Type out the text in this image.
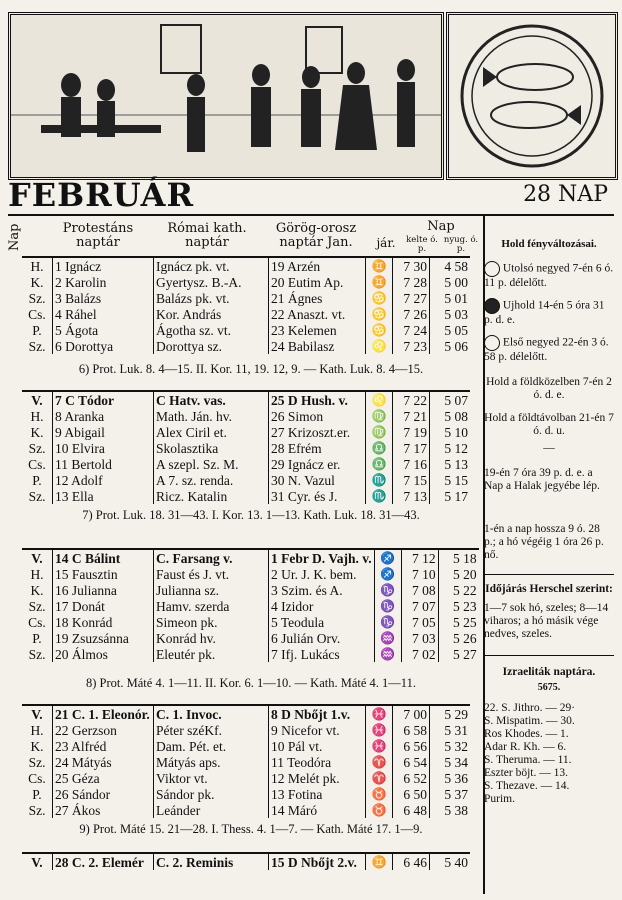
FEBRUÁR	28 NAP
Nap	Protestáns naptár
Római kath. naptár
Görög-orosz naptár Jan.	jár.
Nap
kelte ó. p.
nyug. ó. p.
H.	1 Ignácz	Ignácz pk. vt.	19 Arzén	♊	7 30	4 58
K.	2 Karolin	Gyertysz. B.-A.	20 Eutim Ap.	♊	7 28	5 00
Sz.	3 Balázs	Balázs pk. vt.	21 Ágnes	♋	7 27	5 01
Cs.	4 Ráhel	Kor. András	22 Anaszt. vt.	♋	7 26	5 03
P.	5 Ágota	Ágotha sz. vt.	23 Kelemen	♋	7 24	5 05
Sz.	6 Dorottya	Dorottya sz.	24 Babilasz	♌	7 23	5 06
6) Prot. Luk. 8. 4—15. II. Kor. 11, 19. 12, 9. — Kath. Luk. 8. 4—15.
V.	7 C Tódor	C Hatv. vas.	25 D Hush. v.	♌	7 22	5 07
H.	8 Aranka	Math. Ján. hv.	26 Simon	♍	7 21	5 08
K.	9 Abigail	Alex Ciril et.	27 Krizoszt.er.	♍	7 19	5 10
Sz.	10 Elvira	Skolasztika	28 Efrém	♎	7 17	5 12
Cs.	11 Bertold	A szepl. Sz. M.	29 Ignácz er.	♎	7 16	5 13
P.	12 Adolf	A 7. sz. renda.	30 N. Vazul	♏	7 15	5 15
Sz.	13 Ella	Ricz. Katalin	31 Cyr. és J.	♏	7 13	5 17
7) Prot. Luk. 18. 31—43. I. Kor. 13. 1—13. Kath. Luk. 18. 31—43.
V.	14 C Bálint	C. Farsang v.	1 Febr D. Vajh. v.	♐	7 12	5 18
H.	15 Fausztin	Faust és J. vt.	2 Ur. J. K. bem.	♐	7 10	5 20
K.	16 Julianna	Julianna sz.	3 Szim. és A.	♑	7 08	5 22
Sz.	17 Donát	Hamv. szerda	4 Izidor	♑	7 07	5 23
Cs.	18 Konrád	Simeon pk.	5 Teodula	♑	7 05	5 25
P.	19 Zsuzsánna	Konrád hv.	6 Julián Orv.	♒	7 03	5 26
Sz.	20 Álmos	Eleutér pk.	7 Ifj. Lukács	♒	7 02	5 27
8) Prot. Máté 4. 1—11. II. Kor. 6. 1—10. — Kath. Máté 4. 1—11.
V.	21 C. 1. Eleonór.	C. 1. Invoc.	8 D Nbőjt 1.v.	♓	7 00	5 29
H.	22 Gerzson	Péter széKf.	9 Nicefor vt.	♓	6 58	5 31
K.	23 Alfréd	Dam. Pét. et.	10 Pál vt.	♓	6 56	5 32
Sz.	24 Mátyás	Mátyás aps.	11 Teodóra	♈	6 54	5 34
Cs.	25 Géza	Viktor vt.	12 Melét pk.	♈	6 52	5 36
P.	26 Sándor	Sándor pk.	13 Fotina	♉	6 50	5 37
Sz.	27 Ákos	Leánder	14 Máró	♉	6 48	5 38
9) Prot. Máté 15. 21—28. I. Thess. 4. 1—7. — Kath. Máté 17. 1—9.
V.	28 C. 2. Elemér	C. 2. Reminis	15 D Nbőjt 2.v.	♊	6 46	5 40
Hold fényváltozásai.
Utolsó negyed 7-én 6 ó. 11 p. délelőtt.
Ujhold 14-én 5 óra 31 p. d. e.
Első negyed 22-én 3 ó. 58 p. délelőtt.
Hold a földközelben 7-én 2 ó. d. e.
Hold a földtávolban 21-én 7 ó. d. u.
—
19-én 7 óra 39 p. d. e. a Nap a Halak jegyébe lép.
1-én a nap hossza 9 ó. 28 p.; a hó végéig 1 óra 26 p. nő.
Időjárás Herschel szerint:
1—7 sok hó, szeles; 8—14 viharos; a hó másik vége nedves, szeles.
Izraeliták naptára.
5675.
22. S. Jithro. — 29·
S. Mispatim. — 30.
Ros Khodes. — 1.
Adar R. Kh. — 6.
S. Theruma. — 11.
Eszter böjt. — 13.
S. Thezave. — 14.
Purim.
